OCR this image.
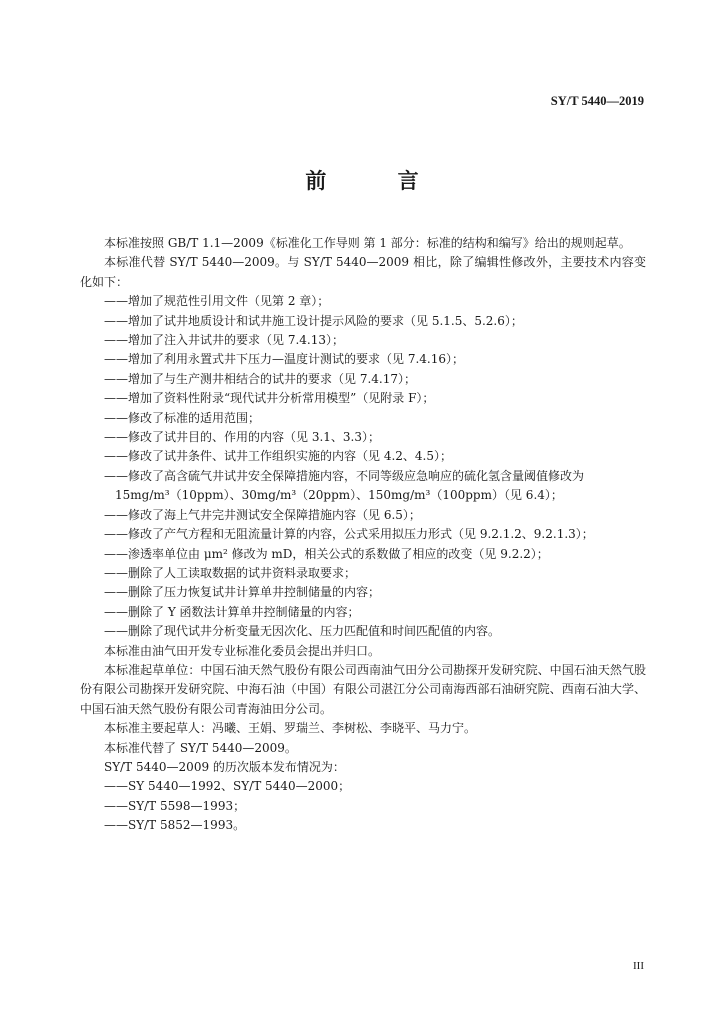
SY/T 5440—2019
前 言

本标准按照 GB/T 1.1—2009《标准化工作导则 第 1 部分：标准的结构和编写》给出的规则起草。

本标准代替 SY/T 5440—2009。与 SY/T 5440—2009 相比，除了编辑性修改外，主要技术内容变化如下：

——增加了规范性引用文件（见第 2 章）；

——增加了试井地质设计和试井施工设计提示风险的要求（见 5.1.5、5.2.6）；

——增加了注入井试井的要求（见 7.4.13）；

——增加了利用永置式井下压力—温度计测试的要求（见 7.4.16）；

——增加了与生产测井相结合的试井的要求（见 7.4.17）；

——增加了资料性附录“现代试井分析常用模型”（见附录 F）；

——修改了标准的适用范围；

——修改了试井目的、作用的内容（见 3.1、3.3）；

——修改了试井条件、试井工作组织实施的内容（见 4.2、4.5）；

——修改了高含硫气井试井安全保障措施内容，不同等级应急响应的硫化氢含量阈值修改为

15mg/m³（10ppm）、30mg/m³（20ppm）、150mg/m³（100ppm）（见 6.4）；

——修改了海上气井完井测试安全保障措施内容（见 6.5）；

——修改了产气方程和无阻流量计算的内容，公式采用拟压力形式（见 9.2.1.2、9.2.1.3）；

——渗透率单位由 μm² 修改为 mD，相关公式的系数做了相应的改变（见 9.2.2）；

——删除了人工读取数据的试井资料录取要求；

——删除了压力恢复试井计算单井控制储量的内容；

——删除了 Y 函数法计算单井控制储量的内容；

——删除了现代试井分析变量无因次化、压力匹配值和时间匹配值的内容。

本标准由油气田开发专业标准化委员会提出并归口。

本标准起草单位：中国石油天然气股份有限公司西南油气田分公司勘探开发研究院、中国石油天然气股份有限公司勘探开发研究院、中海石油（中国）有限公司湛江分公司南海西部石油研究院、西南石油大学、中国石油天然气股份有限公司青海油田分公司。

本标准主要起草人：冯曦、王娟、罗瑞兰、李树松、李晓平、马力宁。

本标准代替了 SY/T 5440—2009。

SY/T 5440—2009 的历次版本发布情况为：

——SY 5440—1992、SY/T 5440—2000；

——SY/T 5598—1993；

——SY/T 5852—1993。

III
